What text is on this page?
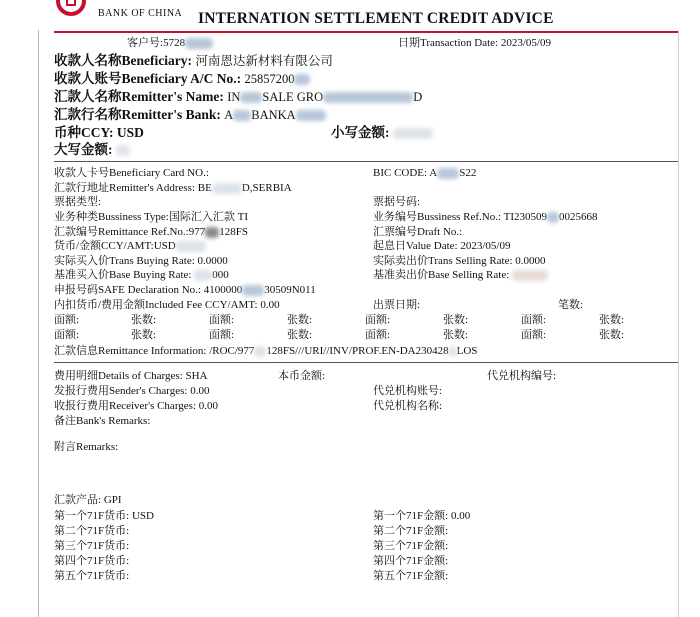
BANK OF CHINA INTERNATION SETTLEMENT CREDIT ADVICE
客户号:5728	日期Transaction Date: 2023/05/09
收款人名称Beneficiary: 河南恩达新材料有限公司
收款人账号Beneficiary A/C No.: 25857200
汇款人名称Remitter's Name: IN SALE GRO	D
汇款行名称Remitter's Bank: A BANKA
币种CCY: USD	小写金额:
大写金额:
收款人卡号Beneficiary Card NO.:	BIC CODE: A S22
汇款行地址Remitter's Address: BE	D,SERBIA
票据类型:	票据号码:
业务种类Bussiness Type:国际汇入汇款 TI	业务编号Bussiness Ref.No.: TI230509 0025668
汇款编号Remittance Ref.No.:977 128FS	汇票编号Draft No.:
货币/金额CCY/AMT:USD	起息日Value Date: 2023/05/09
实际买入价Trans Buying Rate: 0.0000	实际卖出价Trans Selling Rate: 0.0000
基准买入价Base Buying Rate: 000	基准卖出价Base Selling Rate:
申报号码SAFE Declaration No.: 4100000 30509N011
内扣货币/费用金额Included Fee CCY/AMT: 0.00	出票日期:	笔数:
面额:	张数:	面额:	张数:	面额:	张数:	面额:	张数:
面额:	张数:	面额:	张数:	面额:	张数:	面额:	张数:
汇款信息Remittance Information: /ROC/977 128FS///URI//INV/PROF.EN-DA230428 LOS
费用明细Details of Charges: SHA	本币金额:	代兑机构编号:
发报行费用Sender's Charges: 0.00	代兑机构账号:
收报行费用Receiver's Charges: 0.00	代兑机构名称:
备注Bank's Remarks:
附言Remarks:
汇款产品: GPI
第一个71F货币: USD	第一个71F金额: 0.00
第二个71F货币:	第二个71F金额:
第三个71F货币:	第三个71F金额:
第四个71F货币:	第四个71F金额:
第五个71F货币:	第五个71F金额:
